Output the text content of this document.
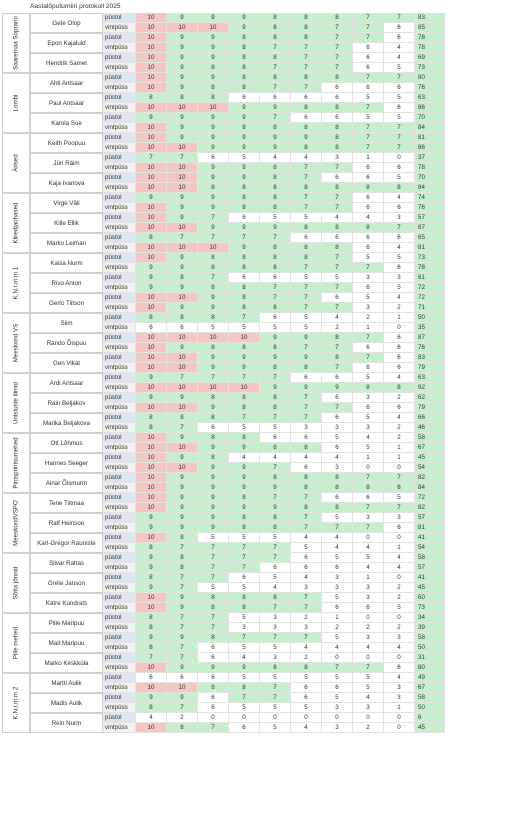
Aastalõputurniiri protokoll 2025
Saaremaa Soprano	Gete Olop
püstol	10	9	9	9	8	8	8	7	7	83
vintpüss	10	10	10	9	8	8	7	7	6	85
Epon Kajaluid
püstol	10	9	9	8	8	8	7	7	6	78
vintpüss	10	9	9	8	7	7	7	6	4	78
Hendrik Samet
püstol	10	9	9	8	8	7	7	6	4	69
vintpüss	10	9	8	8	7	7	7	6	5	73
Lombi
Ahti Antsaar
püstol	10	9	9	8	8	8	8	7	7	80
vintpüss	10	9	8	8	7	7	6	6	6	76
Paul Antsaar
püstol	8	8	8	6	6	6	6	5	5	63
vintpüss	10	10	10	9	9	8	8	7	6	86
Karola Soe
püstol	9	9	9	9	7	6	6	5	5	70
vintpüss	10	9	9	8	8	8	8	7	7	84
Ärised
Keith Poopuu
püstol	10	9	9	9	9	9	8	7	7	81
vintpüss	10	10	9	9	9	8	8	7	7	86
Jüri Räim
püstol	7	7	6	5	4	4	3	1	0	37
vintpüss	10	10	9	9	8	7	7	6	6	78
Kaja Ivanova
püstol	10	10	9	9	8	7	6	6	5	70
vintpüss	10	10	8	8	8	8	8	8	8	84
Kiiredjaohased	Virge Väli
püstol	9	9	9	8	8	7	7	6	4	74
vintpüss	10	9	9	8	8	7	7	6	6	76
Kille Ellik
püstol	10	9	7	6	5	5	4	4	3	57
vintpüss	10	10	9	9	9	8	8	8	7	87
Marko Leiman
püstol	8	7	7	7	7	6	6	6	6	65
vintpüss	10	10	10	9	8	8	8	6	4	81
K.N.t.m.m 1
Kaisa Nurm
püstol	10	9	8	8	8	8	7	5	5	73
vintpüss	9	9	8	8	8	7	7	7	6	78
Rivo Anton
püstol	9	8	7	6	6	5	5	3	3	61
vintpüss	9	9	8	8	7	7	7	6	5	72
Gerto Tiitson
püstol	10	10	9	8	7	7	6	5	4	72
vintpüss	10	9	9	8	8	7	7	3	2	71
Meeskond VS
Siim
püstol	8	8	8	7	6	5	4	2	1	50
vintpüss	6	6	5	5	5	5	2	1	0	35
Rando Õispuu
püstol	10	10	10	10	9	9	8	7	6	87
vintpüss	10	9	8	8	8	7	7	6	6	76
Gen Vikat
püstol	10	10	9	9	9	9	8	7	6	83
vintpüss	10	10	9	9	8	8	7	6	6	79
Unistuste tiimid	Ardi Antsaar
püstol	9	7	7	7	7	6	6	5	4	63
vintpüss	10	10	10	10	9	9	9	8	8	92
Rain Beljakov
püstol	9	9	8	8	8	7	6	3	2	62
vintpüss	10	10	9	8	8	7	7	6	6	79
Marika Beljakova
püstol	8	8	8	7	7	7	6	5	4	66
vintpüss	8	7	6	5	5	3	3	3	2	46
Pintsprintsumehed	Ott Lõhmus
püstol	10	9	8	8	6	6	5	4	2	58
vintpüss	10	10	9	9	8	8	6	5	1	67
Hannes Seeger
püstol	10	9	8	4	4	4	4	1	1	45
vintpüss	10	10	9	9	7	6	3	0	0	54
Ainar Õismurm
püstol	10	9	9	9	8	8	8	7	7	82
vintpüss	10	9	9	9	9	8	8	8	8	84
MeeskondVSPO	Tene Tiitmaa
püstol	10	9	9	8	7	7	6	6	5	72
vintpüss	10	9	9	9	9	8	8	7	7	82
Ralf Heinsoo
püstol	9	9	9	8	8	7	5	3	3	57
vintpüss	9	9	9	8	8	7	7	7	6	81
Karl-Gregor Rauniste
püstol	10	8	5	5	5	4	4	0	0	41
vintpüss	8	7	7	7	7	5	4	4	1	54
Sõtta jõnnid
Silvar Rattas
püstol	9	8	7	7	7	6	5	5	4	58
vintpüss	9	8	7	7	6	6	6	4	4	57
Grete Janson
püstol	8	7	7	6	5	4	3	1	0	41
vintpüss	9	7	5	5	4	3	3	3	2	45
Katre Kundrats
püstol	10	9	8	8	8	7	5	3	2	60
vintpüss	10	9	8	8	7	7	6	6	5	73
Pille mehed
Pille Maripuu
püstol	8	7	7	5	3	2	1	0	0	34
vintpüss	8	7	7	3	3	3	2	2	2	39
Mait Maripuu
püstol	9	9	8	7	7	7	5	3	3	58
vintpüss	8	7	6	5	5	4	4	4	4	50
Marko Keskküla
püstol	7	7	6	4	3	2	0	0	0	31
vintpüss	10	9	9	9	8	8	7	7	6	80
K.N.t.m.m 2
Martti Aulik
püstol	6	6	6	5	5	5	5	5	4	49
vintpüss	10	10	8	8	7	6	6	5	3	67
Madis Aulik
püstol	9	9	6	7	7	6	5	4	3	58
vintpüss	8	7	6	5	5	5	3	3	1	50
Rein Nurm
püstol	4	2	0	0	0	0	0	0	0	6
vintpüss	10	8	7	6	5	4	3	2	0	45
